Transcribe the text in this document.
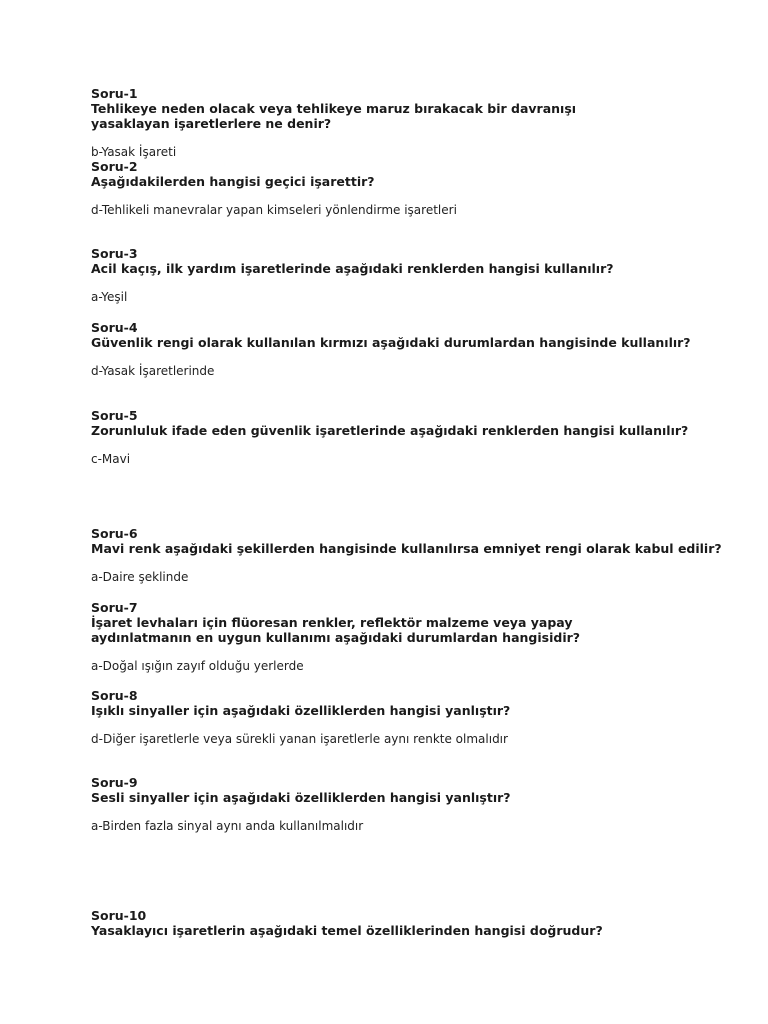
Soru-1

Tehlikeye neden olacak veya tehlikeye maruz bırakacak bir davranışı yasaklayan işaretlerlere ne denir?

b-Yasak İşareti

Soru-2

Aşağıdakilerden hangisi geçici işarettir?

d-Tehlikeli manevralar yapan kimseleri yönlendirme işaretleri

Soru-3

Acil kaçış, ilk yardım işaretlerinde aşağıdaki renklerden hangisi kullanılır?

a-Yeşil

Soru-4

Güvenlik rengi olarak kullanılan kırmızı aşağıdaki durumlardan hangisinde kullanılır?

d-Yasak İşaretlerinde

Soru-5

Zorunluluk ifade eden güvenlik işaretlerinde aşağıdaki renklerden hangisi kullanılır?

c-Mavi

Soru-6

Mavi renk aşağıdaki şekillerden hangisinde kullanılırsa emniyet rengi olarak kabul edilir?

a-Daire şeklinde

Soru-7

İşaret levhaları için flüoresan renkler, reflektör malzeme veya yapay aydınlatmanın en uygun kullanımı aşağıdaki durumlardan hangisidir?

a-Doğal ışığın zayıf olduğu yerlerde

Soru-8

Işıklı sinyaller için aşağıdaki özelliklerden hangisi yanlıştır?

d-Diğer işaretlerle veya sürekli yanan işaretlerle aynı renkte olmalıdır

Soru-9

Sesli sinyaller için aşağıdaki özelliklerden hangisi yanlıştır?

a-Birden fazla sinyal aynı anda kullanılmalıdır

Soru-10

Yasaklayıcı işaretlerin aşağıdaki temel özelliklerinden hangisi doğrudur?
